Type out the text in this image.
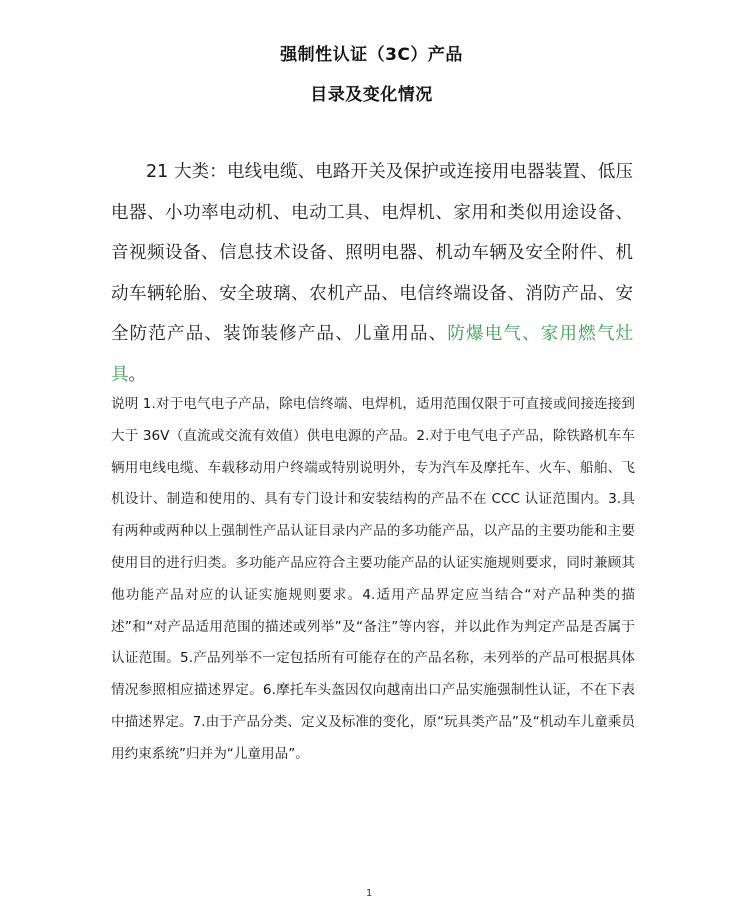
强制性认证（3C）产品
目录及变化情况
21 大类：电线电缆、电路开关及保护或连接用电器装置、低压电器、小功率电动机、电动工具、电焊机、家用和类似用途设备、音视频设备、信息技术设备、照明电器、机动车辆及安全附件、机动车辆轮胎、安全玻璃、农机产品、电信终端设备、消防产品、安全防范产品、装饰装修产品、儿童用品、防爆电气、家用燃气灶具。
说明 1.对于电气电子产品，除电信终端、电焊机，适用范围仅限于可直接或间接连接到大于 36V（直流或交流有效值）供电电源的产品。2.对于电气电子产品，除铁路机车车辆用电线电缆、车载移动用户终端或特别说明外，专为汽车及摩托车、火车、船舶、飞机设计、制造和使用的、具有专门设计和安装结构的产品不在 CCC 认证范围内。3.具有两种或两种以上强制性产品认证目录内产品的多功能产品，以产品的主要功能和主要使用目的进行归类。多功能产品应符合主要功能产品的认证实施规则要求，同时兼顾其他功能产品对应的认证实施规则要求。4.适用产品界定应当结合“对产品种类的描述”和“对产品适用范围的描述或列举”及“备注”等内容，并以此作为判定产品是否属于认证范围。5.产品列举不一定包括所有可能存在的产品名称，未列举的产品可根据具体情况参照相应描述界定。6.摩托车头盔因仅向越南出口产品实施强制性认证，不在下表中描述界定。7.由于产品分类、定义及标准的变化，原“玩具类产品”及“机动车儿童乘员用约束系统”归并为“儿童用品”。
1
